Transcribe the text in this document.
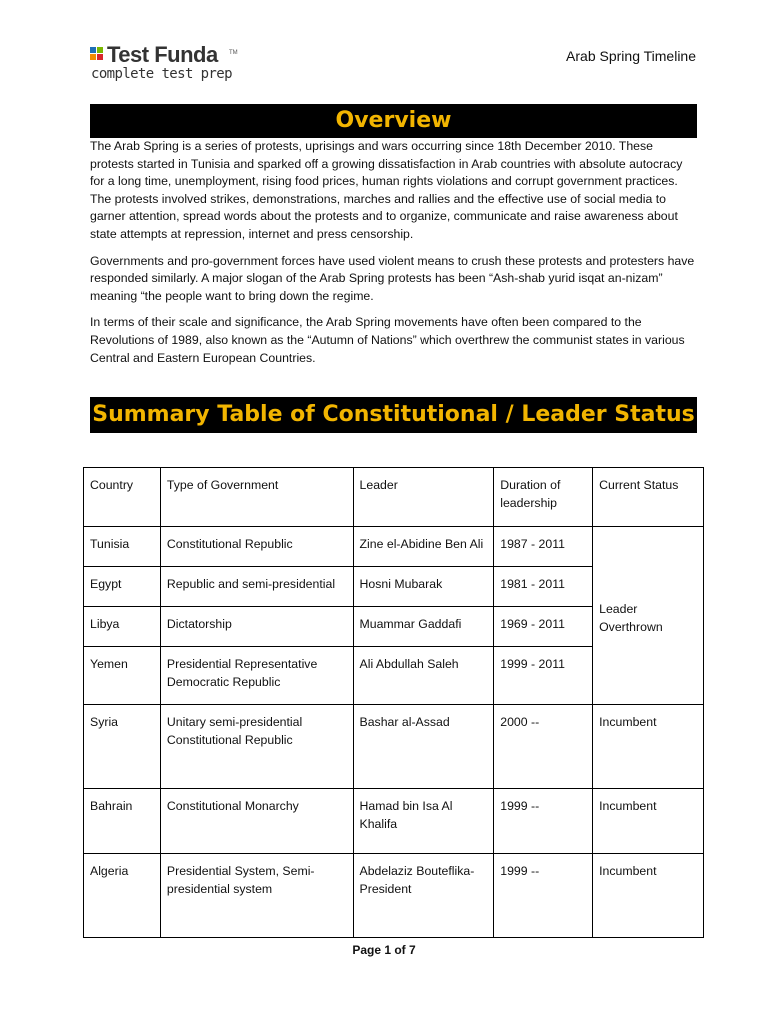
Test Funda TM
complete test prep
Arab Spring Timeline
Overview

The Arab Spring is a series of protests, uprisings and wars occurring since 18th December 2010. These protests started in Tunisia and sparked off a growing dissatisfaction in Arab countries with absolute autocracy for a long time, unemployment, rising food prices, human rights violations and corrupt government practices. The protests involved strikes, demonstrations, marches and rallies and the effective use of social media to garner attention, spread words about the protests and to organize, communicate and raise awareness about state attempts at repression, internet and press censorship.

Governments and pro-government forces have used violent means to crush these protests and protesters have responded similarly. A major slogan of the Arab Spring protests has been “Ash-shab yurid isqat an-nizam” meaning “the people want to bring down the regime.

In terms of their scale and significance, the Arab Spring movements have often been compared to the Revolutions of 1989, also known as the “Autumn of Nations” which overthrew the communist states in various Central and Eastern European Countries.

Summary Table of Constitutional / Leader Status
Country	Type of Government	Leader	Duration of leadership	Current Status
Tunisia	Constitutional Republic	Zine el-Abidine Ben Ali	1987 - 2011	Leader Overthrown
Egypt	Republic and semi-presidential	Hosni Mubarak	1981 - 2011	
Libya	Dictatorship	Muammar Gaddafi	1969 - 2011	
Yemen	Presidential Representative Democratic Republic	Ali Abdullah Saleh	1999 - 2011	
Syria	Unitary semi-presidential Constitutional Republic	Bashar al-Assad	2000 --	Incumbent
Bahrain	Constitutional Monarchy	Hamad bin Isa Al Khalifa	1999 --	Incumbent
Algeria	Presidential System, Semi-presidential system	Abdelaziz Bouteflika- President	1999 --	Incumbent
Page 1 of 7
